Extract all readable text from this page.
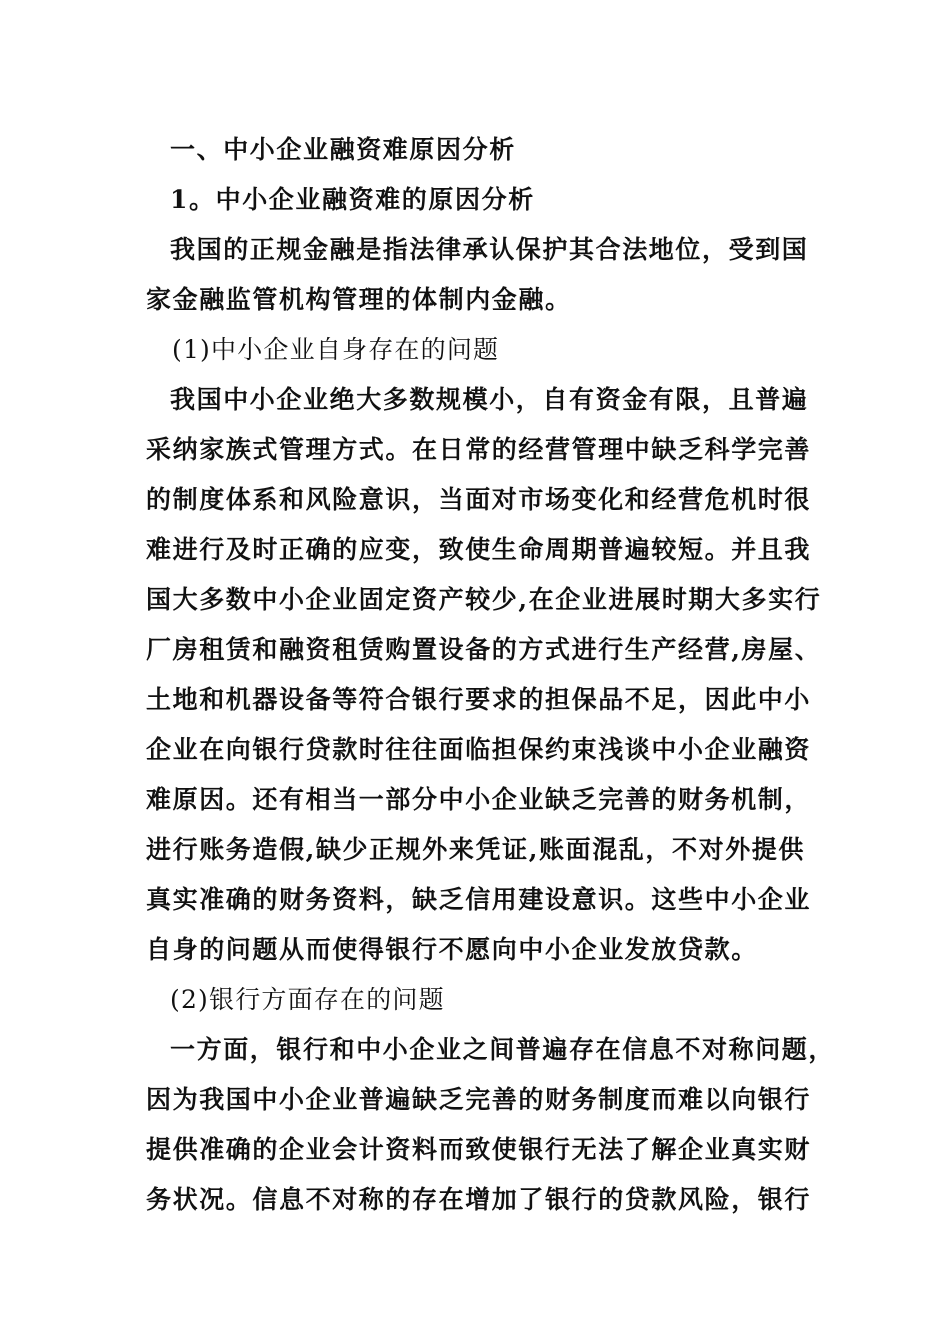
一、中小企业融资难原因分析
1。中小企业融资难的原因分析
我国的正规金融是指法律承认保护其合法地位，受到国
家金融监管机构管理的体制内金融。
(1)中小企业自身存在的问题
我国中小企业绝大多数规模小，自有资金有限，且普遍
采纳家族式管理方式。在日常的经营管理中缺乏科学完善
的制度体系和风险意识，当面对市场变化和经营危机时很
难进行及时正确的应变，致使生命周期普遍较短。并且我
国大多数中小企业固定资产较少,在企业进展时期大多实行
厂房租赁和融资租赁购置设备的方式进行生产经营,房屋、
土地和机器设备等符合银行要求的担保品不足，因此中小
企业在向银行贷款时往往面临担保约束浅谈中小企业融资
难原因。还有相当一部分中小企业缺乏完善的财务机制，
进行账务造假,缺少正规外来凭证,账面混乱，不对外提供
真实准确的财务资料，缺乏信用建设意识。这些中小企业
自身的问题从而使得银行不愿向中小企业发放贷款。
(2)银行方面存在的问题
一方面，银行和中小企业之间普遍存在信息不对称问题，
因为我国中小企业普遍缺乏完善的财务制度而难以向银行
提供准确的企业会计资料而致使银行无法了解企业真实财
务状况。信息不对称的存在增加了银行的贷款风险，银行
